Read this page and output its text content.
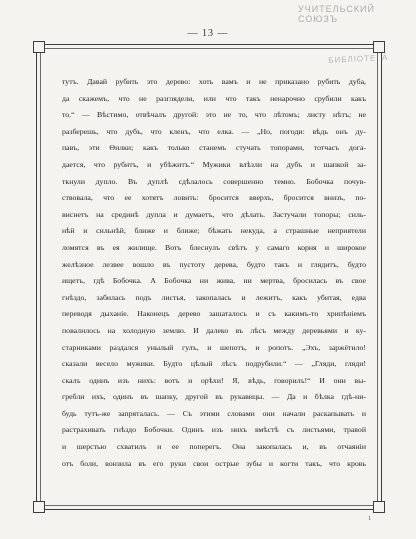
УЧИТЕЛЬСКИЙ СОЮЗЪ
БИБЛІОТЕКА
— 13 —
тутъ. Давай рубить это дерево: хоть вамъ и не приказано рубить дуба,
да скажемъ, что не разглядели, или что такъ ненарочно срубили какъ
то.“ — Вѣстимо, отвѣчалъ другой: это не то, что лѣтомъ; листу нѣтъ; не
разберешь, что дубъ, что кленъ, что елка. — „Но, погоди: вѣдь онъ ду-
павъ, эти Ѳилки; какъ только станемъ стучать топорами, тотчасъ дога-
дается, что рубитъ, и убѣжитъ.“ Мужики влѣзли на дубъ и шапкой за-
ткнули дупло. Въ дуплѣ сдѣлалось совершенно темно. Бобочка почув-
ствовала, что ее хотятъ ловить: бросится вверхъ, бросится внизъ, по-
виснетъ на срединѣ дупла и думаетъ, что дѣлать. Застучали топоры; силь-
нѣй и сильнѣй, ближе и ближе; бѣжать некуда, а страшные неприятели
ломятся въ ея жилище. Вотъ блеснулъ свѣтъ у самаго корня и широкое
желѣзное лезвее вошло въ пустоту дерева, будто такъ и глядитъ, будто
ищетъ, гдѣ Бобочка. А Бобочка ни жива, ни мертва, бросилась въ свое
гнѣздо, забилась подъ листья, закопалась и лежитъ, какъ убитая, едва
переводя дыханіе. Наконецъ дерево зашаталось и съ какимъ-то хрипѣніемъ
повалилось на холодную землю. И далеко въ лѣсъ между деревьями и ку-
старниками раздался унылый гулъ, и шепотъ, и ропотъ. „Эхъ, заржётило!
сказали весело мужики. Будто цѣлый лѣсъ подрубили.“ — „Гляди, гляди!
скалъ одинъ изъ нихъ: вотъ и орѣхи! Я, вѣдь, говорилъ!“ И они вы-
гребли ихъ, одинъ въ шапку, другой въ рукавицы. — Да и бѣлка гдѣ-ни-
будь тутъ-же запряталась. — Съ этими словами они начали раскапывать и
растрахивать гнѣздо Бобочки. Одинъ изъ нихъ вмѣстѣ съ листьями, травой
и шерстью схватилъ и ее поперегъ. Она закопалась и, въ отчаяніи
отъ боли, вонзила въ его руки свои острые зубы и когти такъ, что кровь
1
